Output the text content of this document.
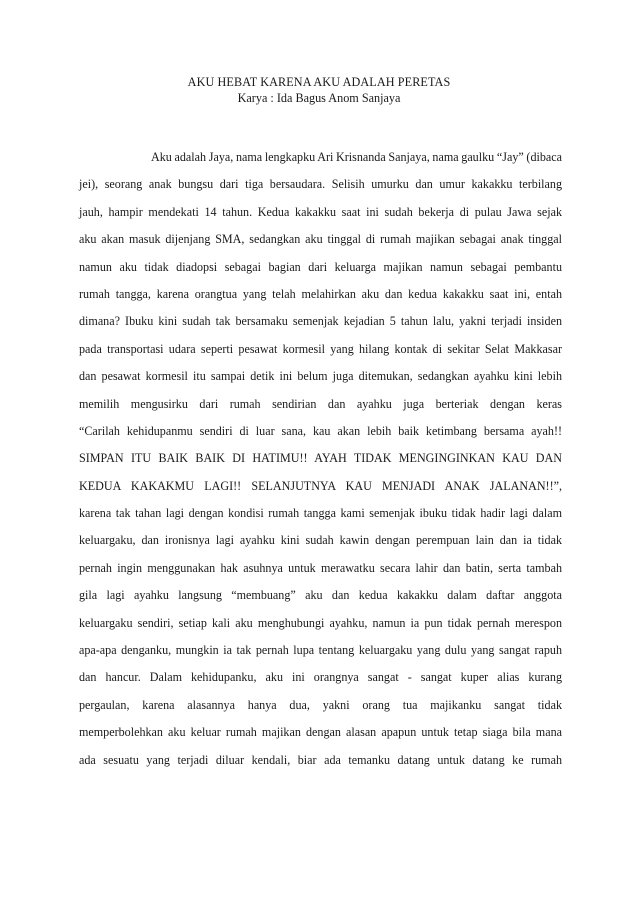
AKU HEBAT KARENA AKU ADALAH PERETAS
Karya : Ida Bagus Anom Sanjaya
Aku adalah Jaya, nama lengkapku Ari Krisnanda Sanjaya, nama gaulku “Jay” (dibaca
jei), seorang anak bungsu dari tiga bersaudara. Selisih umurku dan umur kakakku terbilang
jauh, hampir mendekati 14 tahun. Kedua kakakku saat ini sudah bekerja di pulau Jawa sejak
aku akan masuk dijenjang SMA, sedangkan aku tinggal di rumah majikan sebagai anak tinggal
namun aku tidak diadopsi sebagai bagian dari keluarga majikan namun sebagai pembantu
rumah tangga, karena orangtua yang telah melahirkan aku dan kedua kakakku saat ini, entah
dimana? Ibuku kini sudah tak bersamaku semenjak kejadian 5 tahun lalu, yakni terjadi insiden
pada transportasi udara seperti pesawat kormesil yang hilang kontak di sekitar Selat Makkasar
dan pesawat kormesil itu sampai detik ini belum juga ditemukan, sedangkan ayahku kini lebih
memilih mengusirku dari rumah sendirian dan ayahku juga berteriak dengan keras
“Carilah kehidupanmu sendiri di luar sana, kau akan lebih baik ketimbang bersama ayah!!
SIMPAN ITU BAIK BAIK DI HATIMU!! AYAH TIDAK MENGINGINKAN KAU DAN
KEDUA KAKAKMU LAGI!! SELANJUTNYA KAU MENJADI ANAK JALANAN!!”,
karena tak tahan lagi dengan kondisi rumah tangga kami semenjak ibuku tidak hadir lagi dalam
keluargaku, dan ironisnya lagi ayahku kini sudah kawin dengan perempuan lain dan ia tidak
pernah ingin menggunakan hak asuhnya untuk merawatku secara lahir dan batin, serta tambah
gila lagi ayahku langsung “membuang” aku dan kedua kakakku dalam daftar anggota
keluargaku sendiri, setiap kali aku menghubungi ayahku, namun ia pun tidak pernah merespon
apa-apa denganku, mungkin ia tak pernah lupa tentang keluargaku yang dulu yang sangat rapuh
dan hancur. Dalam kehidupanku, aku ini orangnya sangat - sangat kuper alias kurang
pergaulan, karena alasannya hanya dua, yakni orang tua majikanku sangat tidak
memperbolehkan aku keluar rumah majikan dengan alasan apapun untuk tetap siaga bila mana
ada sesuatu yang terjadi diluar kendali, biar ada temanku datang untuk datang ke rumah
